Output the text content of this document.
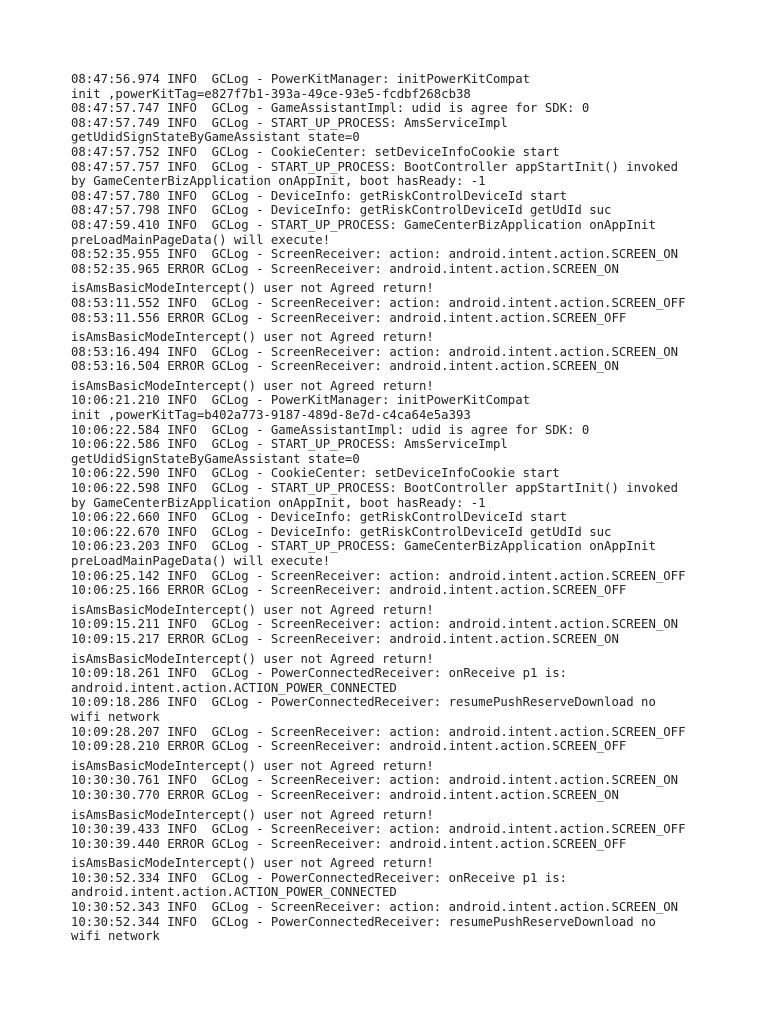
08:47:56.974 INFO  GCLog - PowerKitManager: initPowerKitCompat
init ,powerKitTag=e827f7b1-393a-49ce-93e5-fcdbf268cb38
08:47:57.747 INFO  GCLog - GameAssistantImpl: udid is agree for SDK: 0
08:47:57.749 INFO  GCLog - START_UP_PROCESS: AmsServiceImpl
getUdidSignStateByGameAssistant state=0
08:47:57.752 INFO  GCLog - CookieCenter: setDeviceInfoCookie start
08:47:57.757 INFO  GCLog - START_UP_PROCESS: BootController appStartInit() invoked
by GameCenterBizApplication onAppInit, boot hasReady: -1
08:47:57.780 INFO  GCLog - DeviceInfo: getRiskControlDeviceId start
08:47:57.798 INFO  GCLog - DeviceInfo: getRiskControlDeviceId getUdId suc
08:47:59.410 INFO  GCLog - START_UP_PROCESS: GameCenterBizApplication onAppInit
preLoadMainPageData() will execute!
08:52:35.955 INFO  GCLog - ScreenReceiver: action: android.intent.action.SCREEN_ON
08:52:35.965 ERROR GCLog - ScreenReceiver: android.intent.action.SCREEN_ON
isAmsBasicModeIntercept() user not Agreed return!
08:53:11.552 INFO  GCLog - ScreenReceiver: action: android.intent.action.SCREEN_OFF
08:53:11.556 ERROR GCLog - ScreenReceiver: android.intent.action.SCREEN_OFF
isAmsBasicModeIntercept() user not Agreed return!
08:53:16.494 INFO  GCLog - ScreenReceiver: action: android.intent.action.SCREEN_ON
08:53:16.504 ERROR GCLog - ScreenReceiver: android.intent.action.SCREEN_ON
isAmsBasicModeIntercept() user not Agreed return!
10:06:21.210 INFO  GCLog - PowerKitManager: initPowerKitCompat
init ,powerKitTag=b402a773-9187-489d-8e7d-c4ca64e5a393
10:06:22.584 INFO  GCLog - GameAssistantImpl: udid is agree for SDK: 0
10:06:22.586 INFO  GCLog - START_UP_PROCESS: AmsServiceImpl
getUdidSignStateByGameAssistant state=0
10:06:22.590 INFO  GCLog - CookieCenter: setDeviceInfoCookie start
10:06:22.598 INFO  GCLog - START_UP_PROCESS: BootController appStartInit() invoked
by GameCenterBizApplication onAppInit, boot hasReady: -1
10:06:22.660 INFO  GCLog - DeviceInfo: getRiskControlDeviceId start
10:06:22.670 INFO  GCLog - DeviceInfo: getRiskControlDeviceId getUdId suc
10:06:23.203 INFO  GCLog - START_UP_PROCESS: GameCenterBizApplication onAppInit
preLoadMainPageData() will execute!
10:06:25.142 INFO  GCLog - ScreenReceiver: action: android.intent.action.SCREEN_OFF
10:06:25.166 ERROR GCLog - ScreenReceiver: android.intent.action.SCREEN_OFF
isAmsBasicModeIntercept() user not Agreed return!
10:09:15.211 INFO  GCLog - ScreenReceiver: action: android.intent.action.SCREEN_ON
10:09:15.217 ERROR GCLog - ScreenReceiver: android.intent.action.SCREEN_ON
isAmsBasicModeIntercept() user not Agreed return!
10:09:18.261 INFO  GCLog - PowerConnectedReceiver: onReceive p1 is:
android.intent.action.ACTION_POWER_CONNECTED
10:09:18.286 INFO  GCLog - PowerConnectedReceiver: resumePushReserveDownload no
wifi network
10:09:28.207 INFO  GCLog - ScreenReceiver: action: android.intent.action.SCREEN_OFF
10:09:28.210 ERROR GCLog - ScreenReceiver: android.intent.action.SCREEN_OFF
isAmsBasicModeIntercept() user not Agreed return!
10:30:30.761 INFO  GCLog - ScreenReceiver: action: android.intent.action.SCREEN_ON
10:30:30.770 ERROR GCLog - ScreenReceiver: android.intent.action.SCREEN_ON
isAmsBasicModeIntercept() user not Agreed return!
10:30:39.433 INFO  GCLog - ScreenReceiver: action: android.intent.action.SCREEN_OFF
10:30:39.440 ERROR GCLog - ScreenReceiver: android.intent.action.SCREEN_OFF
isAmsBasicModeIntercept() user not Agreed return!
10:30:52.334 INFO  GCLog - PowerConnectedReceiver: onReceive p1 is:
android.intent.action.ACTION_POWER_CONNECTED
10:30:52.343 INFO  GCLog - ScreenReceiver: action: android.intent.action.SCREEN_ON
10:30:52.344 INFO  GCLog - PowerConnectedReceiver: resumePushReserveDownload no
wifi network
